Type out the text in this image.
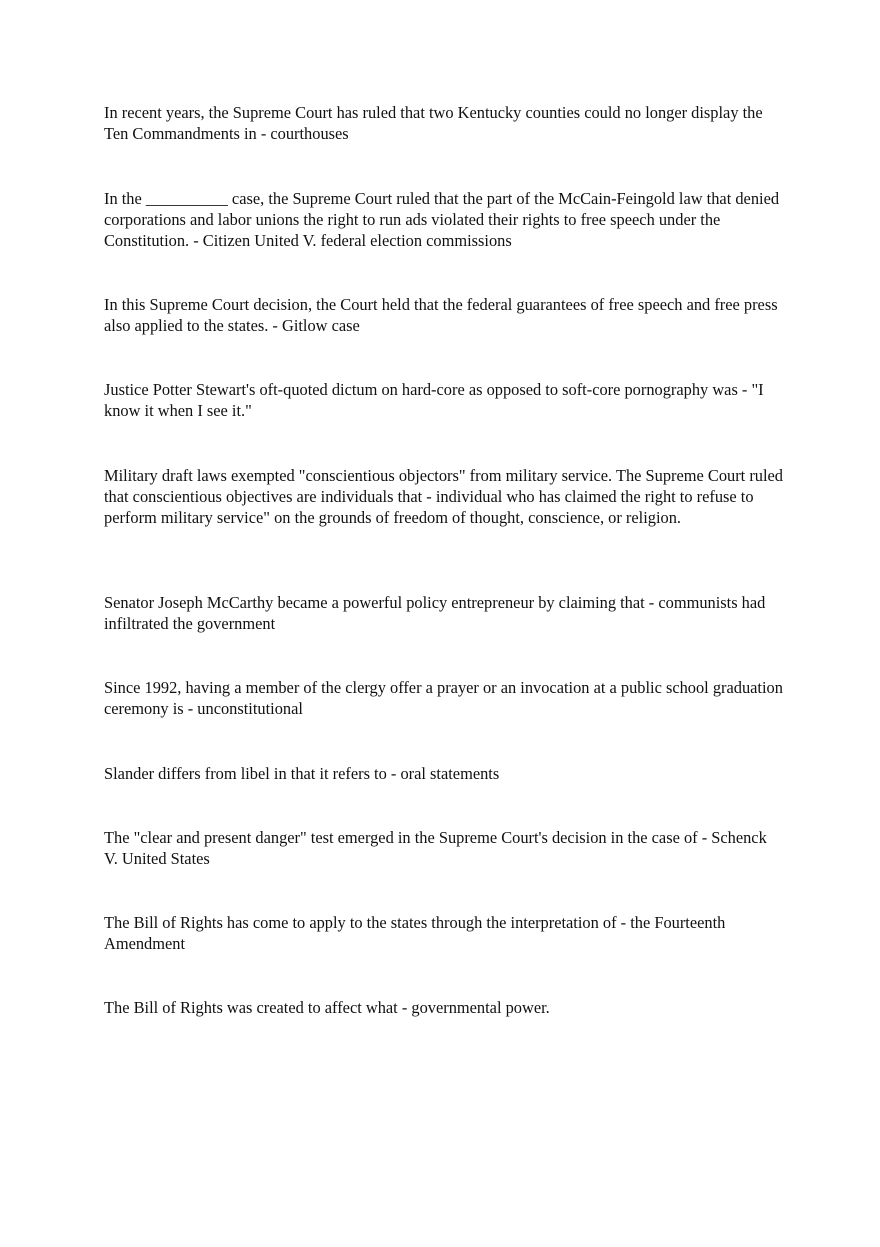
In recent years, the Supreme Court has ruled that two Kentucky counties could no longer display the Ten Commandments in - courthouses

In the __________ case, the Supreme Court ruled that the part of the McCain-Feingold law that denied corporations and labor unions the right to run ads violated their rights to free speech under the Constitution. - Citizen United V. federal election commissions

In this Supreme Court decision, the Court held that the federal guarantees of free speech and free press also applied to the states. - Gitlow case

Justice Potter Stewart's oft-quoted dictum on hard-core as opposed to soft-core pornography was - "I know it when I see it."

Military draft laws exempted "conscientious objectors" from military service. The Supreme Court ruled that conscientious objectives are individuals that - individual who has claimed the right to refuse to perform military service" on the grounds of freedom of thought, conscience, or religion.

Senator Joseph McCarthy became a powerful policy entrepreneur by claiming that - communists had infiltrated the government

Since 1992, having a member of the clergy offer a prayer or an invocation at a public school graduation ceremony is - unconstitutional

Slander differs from libel in that it refers to - oral statements

The "clear and present danger" test emerged in the Supreme Court's decision in the case of - Schenck V. United States

The Bill of Rights has come to apply to the states through the interpretation of - the Fourteenth Amendment

The Bill of Rights was created to affect what - governmental power.
